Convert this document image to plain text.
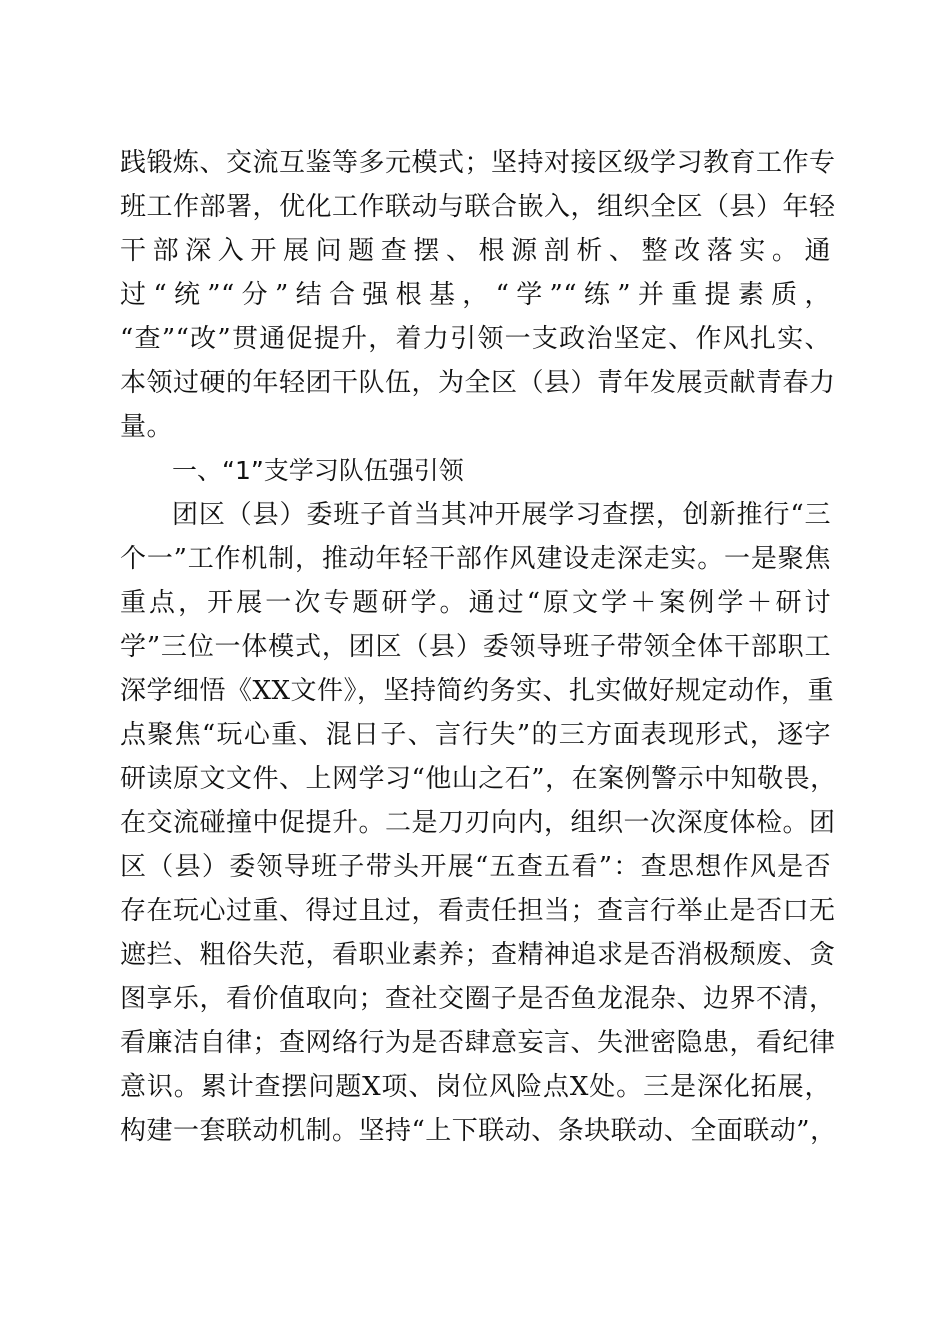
践锻炼、交流互鉴等多元模式；坚持对接区级学习教育工作专
班工作部署，优化工作联动与联合嵌入，组织全区（县）年轻
干部深入开展问题查摆、根源剖析、整改落实。通
过“统”“分”结合强根基，“学”“练”并重提素质，
“查”“改”贯通促提升，着力引领一支政治坚定、作风扎实、
本领过硬的年轻团干队伍，为全区（县）青年发展贡献青春力
量。
一、“1”支学习队伍强引领
团区（县）委班子首当其冲开展学习查摆，创新推行“三
个一”工作机制，推动年轻干部作风建设走深走实。一是聚焦
重点，开展一次专题研学。通过“原文学＋案例学＋研讨
学”三位一体模式，团区（县）委领导班子带领全体干部职工
深学细悟《XX文件》，坚持简约务实、扎实做好规定动作，重
点聚焦“玩心重、混日子、言行失”的三方面表现形式，逐字
研读原文文件、上网学习“他山之石”，在案例警示中知敬畏，
在交流碰撞中促提升。二是刀刃向内，组织一次深度体检。团
区（县）委领导班子带头开展“五查五看”：查思想作风是否
存在玩心过重、得过且过，看责任担当；查言行举止是否口无
遮拦、粗俗失范，看职业素养；查精神追求是否消极颓废、贪
图享乐，看价值取向；查社交圈子是否鱼龙混杂、边界不清，
看廉洁自律；查网络行为是否肆意妄言、失泄密隐患，看纪律
意识。累计查摆问题X项、岗位风险点X处。三是深化拓展，
构建一套联动机制。坚持“上下联动、条块联动、全面联动”，
